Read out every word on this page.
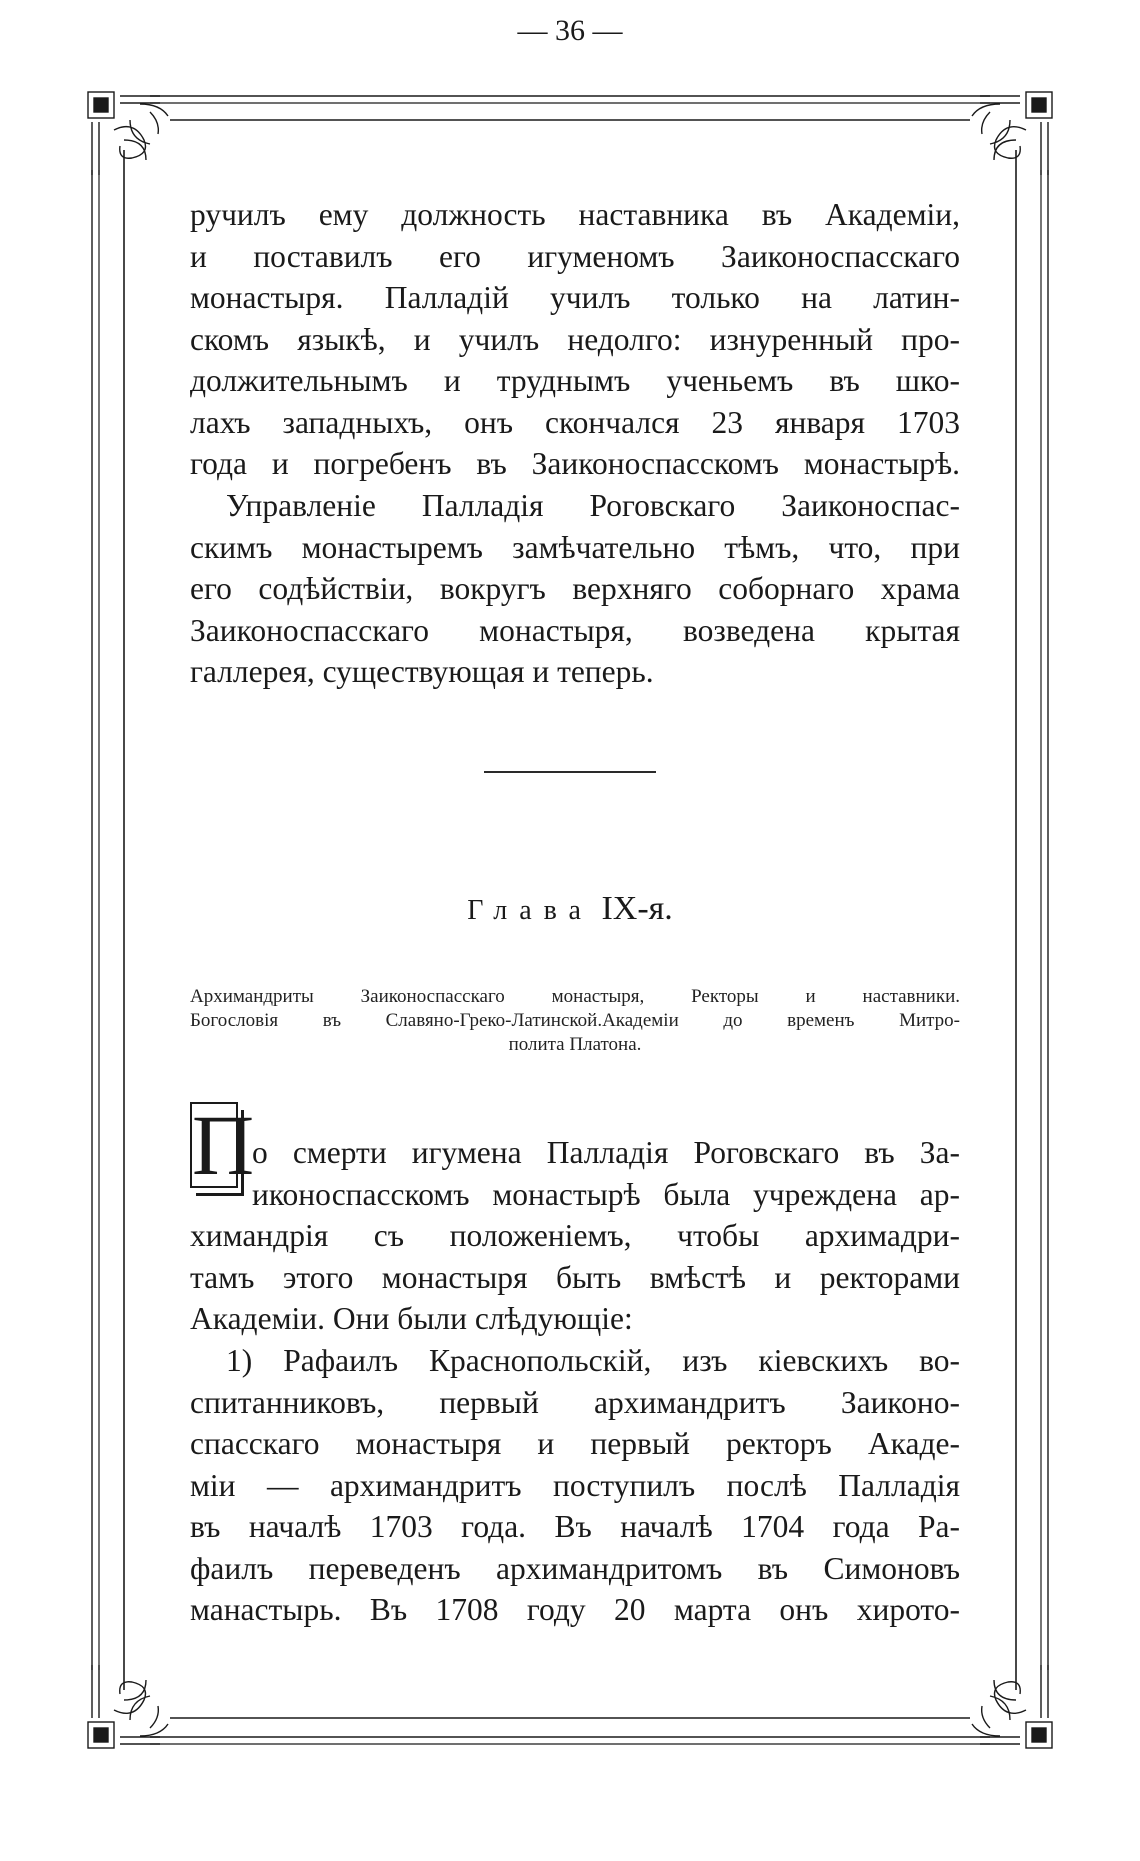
— 36 —
ручилъ ему должность наставника въ Академіи,
и поставилъ его игуменомъ Заиконоспасскаго
монастыря. Палладій училъ только на латин-
скомъ языкѣ, и училъ недолго: изнуренный про-
должительнымъ и труднымъ ученьемъ въ шко-
лахъ западныхъ, онъ скончался 23 января 1703
года и погребенъ въ Заиконоспасскомъ монастырѣ.
Управленіе Палладія Роговскаго Заиконоспас-
скимъ монастыремъ замѣчательно тѣмъ, что, при
его содѣйствіи, вокругъ верхняго соборнаго храма
Заиконоспасскаго монастыря, возведена крытая
галлерея, существующая и теперь.
Глава IX-я.
Архимандриты Заиконоспасскаго монастыря, Ректоры и наставники.
Богословія въ Славяно-Греко-Латинской.Академіи до временъ Митро-
полита Платона.
П
о смерти игумена Палладія Роговскаго въ За-
иконоспасскомъ монастырѣ была учреждена ар-
химандрія съ положеніемъ, чтобы архимадри-
тамъ этого монастыря быть вмѣстѣ и ректорами
Академіи. Они были слѣдующіе:
1) Рафаилъ Краснопольскій, изъ кіевскихъ во-
спитанниковъ, первый архимандритъ Заиконо-
спасскаго монастыря и первый ректоръ Акаде-
міи — архимандритъ поступилъ послѣ Палладія
въ началѣ 1703 года. Въ началѣ 1704 года Ра-
фаилъ переведенъ архимандритомъ въ Симоновъ
манастырь. Въ 1708 году 20 марта онъ хирото-
